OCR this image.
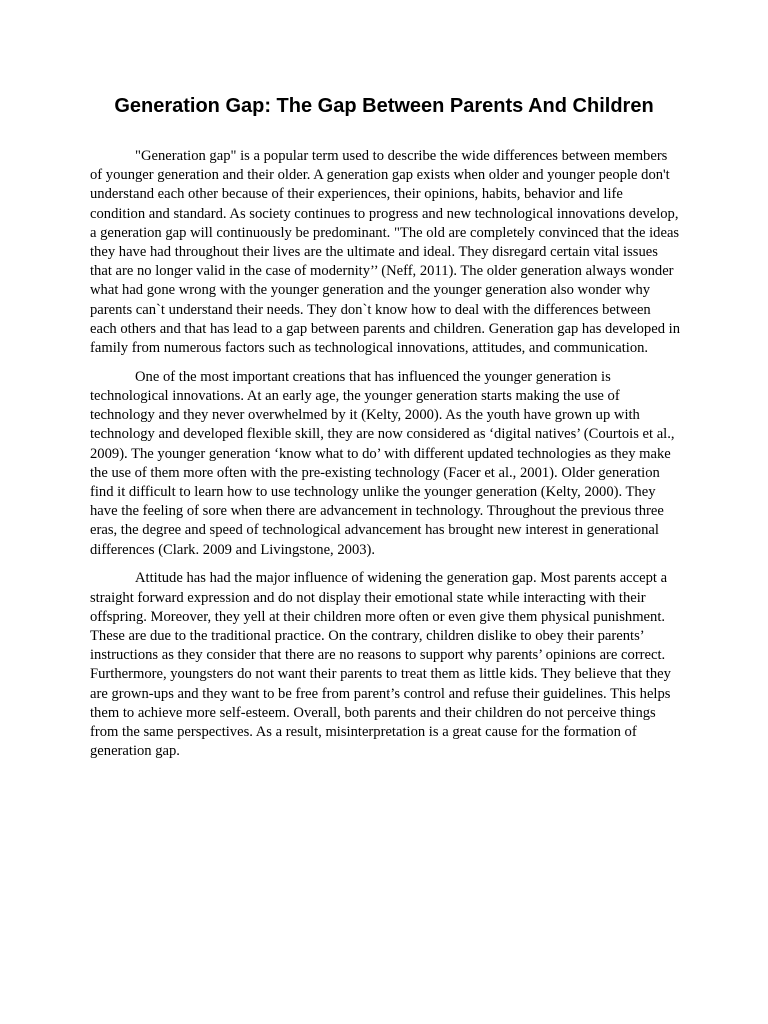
Generation Gap: The Gap Between Parents And Children

"Generation gap" is a popular term used to describe the wide differences between members of younger generation and their older. A generation gap exists when older and younger people don't understand each other because of their experiences, their opinions, habits, behavior and life condition and standard. As society continues to progress and new technological innovations develop, a generation gap will continuously be predominant. "The old are completely convinced that the ideas they have had throughout their lives are the ultimate and ideal. They disregard certain vital issues that are no longer valid in the case of modernity’’ (Neff, 2011). The older generation always wonder what had gone wrong with the younger generation and the younger generation also wonder why parents can`t understand their needs. They don`t know how to deal with the differences between each others and that has lead to a gap between parents and children. Generation gap has developed in family from numerous factors such as technological innovations, attitudes, and communication.

One of the most important creations that has influenced the younger generation is technological innovations. At an early age, the younger generation starts making the use of technology and they never overwhelmed by it (Kelty, 2000). As the youth have grown up with technology and developed flexible skill, they are now considered as ‘digital natives’ (Courtois et al., 2009). The younger generation ‘know what to do’ with different updated technologies as they make the use of them more often with the pre-existing technology (Facer et al., 2001). Older generation find it difficult to learn how to use technology unlike the younger generation (Kelty, 2000). They have the feeling of sore when there are advancement in technology. Throughout the previous three eras, the degree and speed of technological advancement has brought new interest in generational differences (Clark. 2009 and Livingstone, 2003).

Attitude has had the major influence of widening the generation gap. Most parents accept a straight forward expression and do not display their emotional state while interacting with their offspring. Moreover, they yell at their children more often or even give them physical punishment. These are due to the traditional practice. On the contrary, children dislike to obey their parents’ instructions as they consider that there are no reasons to support why parents’ opinions are correct. Furthermore, youngsters do not want their parents to treat them as little kids. They believe that they are grown-ups and they want to be free from parent’s control and refuse their guidelines. This helps them to achieve more self-esteem. Overall, both parents and their children do not perceive things from the same perspectives. As a result, misinterpretation is a great cause for the formation of generation gap.
